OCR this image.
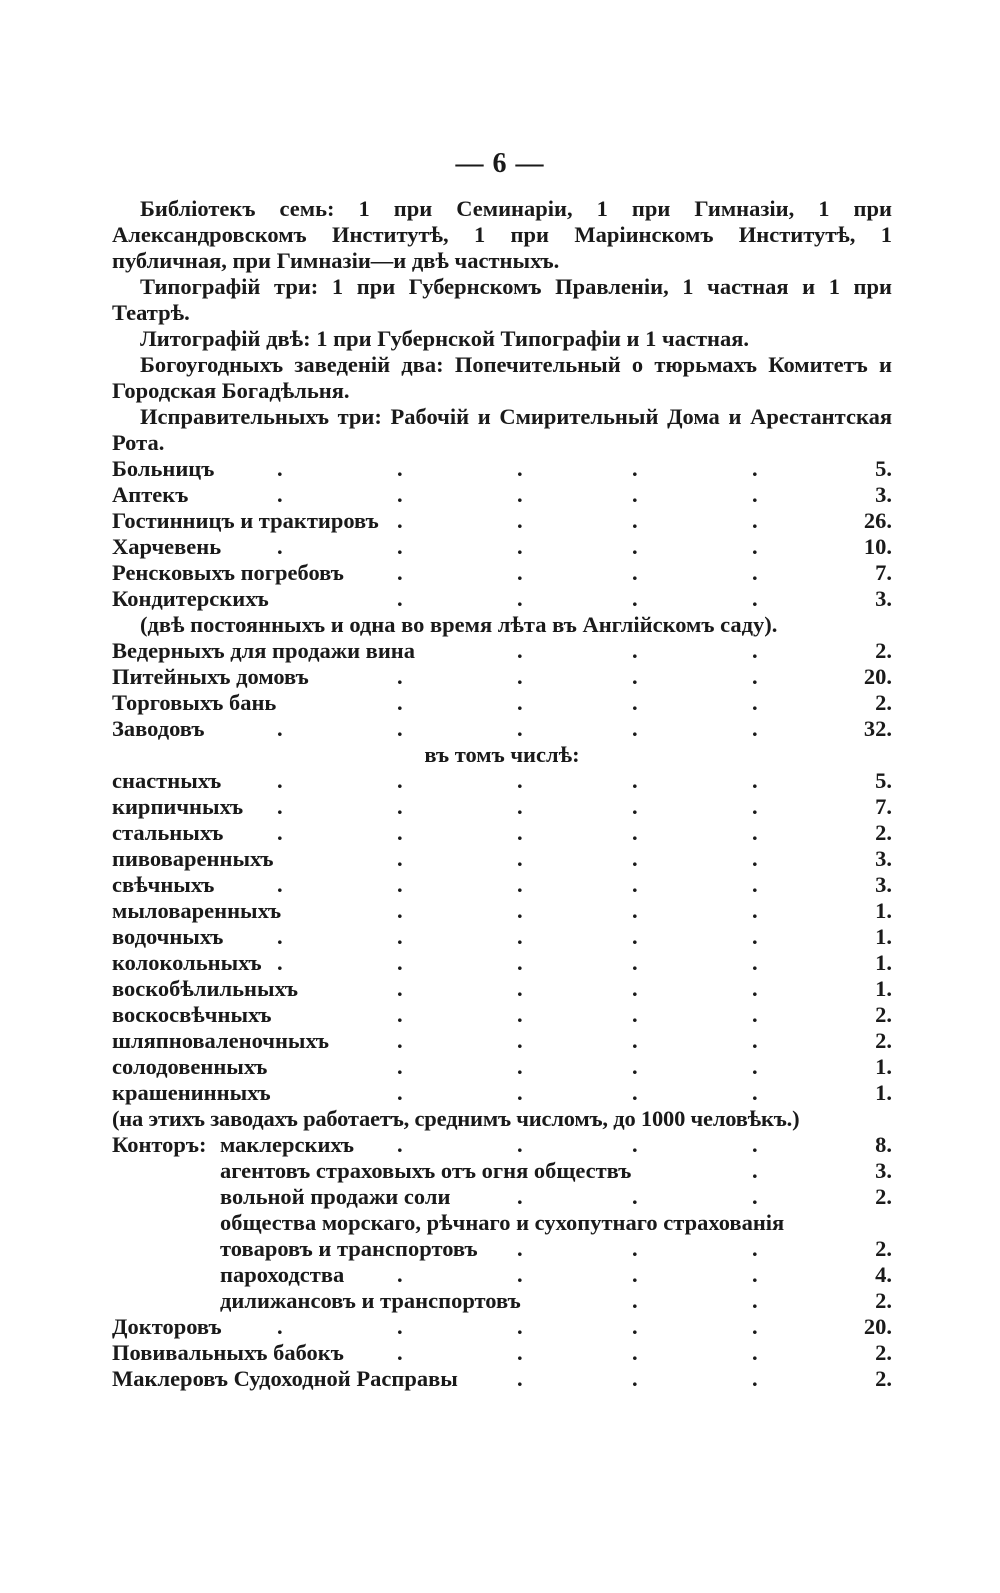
— 6 —

Библіотекъ семь: 1 при Семинаріи, 1 при Гимназіи, 1 при Александровскомъ Институтѣ, 1 при Маріинскомъ Институтѣ, 1 публичная, при Гимназіи—и двѣ частныхъ.

Типографій три: 1 при Губернскомъ Правленіи, 1 частная и 1 при Театрѣ.

Литографій двѣ: 1 при Губернской Типографіи и 1 частная.

Богоугодныхъ заведеній два: Попечительный о тюрьмахъ Комитетъ и Городская Богадѣльня.

Исправительныхъ три: Рабочій и Смирительный Дома и Арестантская Рота.

Больницъ	.	.	.	.	.	5.
Аптекъ	.	.	.	.	.	3.
Гостинницъ и трактировъ .	.	.	.	26.
Харчевень .	.	.	.	.	10.
Ренсковыхъ погребовъ .	.	.	.	7.
Кондитерскихъ	.	.	.	.	3.
(двѣ постоянныхъ и одна во время лѣта въ Англійскомъ саду).
Ведерныхъ для продажи вина	.	.	.	2.
Питейныхъ домовъ	.	.	.	.	20.
Торговыхъ бань	.	.	.	.	2.
Заводовъ	.	.	.	.	.	32.
въ томъ числѣ:
снастныхъ .	.	.	.	.	5.
кирпичныхъ .	.	.	.	.	7.
стальныхъ .	.	.	.	.	2.
пивоваренныхъ	.	.	.	.	3.
свѣчныхъ	.	.	.	.	.	3.
мыловаренныхъ	.	.	.	.	1.
водочныхъ .	.	.	.	.	1.
колокольныхъ .	.	.	.	.	1.
воскобѣлильныхъ	.	.	.	.	1.
воскосвѣчныхъ	.	.	.	.	2.
шляпноваленочныхъ	.	.	.	.	2.
солодовенныхъ	.	.	.	.	1.
крашенинныхъ	.	.	.	.	1.
(на этихъ заводахъ работаетъ, среднимъ числомъ, до 1000 человѣкъ.)
Конторъ: маклерскихъ .	.	.	.	8.
агентовъ страховыхъ отъ огня обществъ	.	3.
вольной продажи соли	.	.	.	2.
общества морскаго, рѣчнаго и сухопутнаго страхованія
товаровъ и транспортовъ .	.	.	2.
пароходства .	.	.	.	4.
дилижансовъ и транспортовъ	.	.	2.
Докторовъ .	.	.	.	.	20.
Повивальныхъ бабокъ .	.	.	.	2.
Маклеровъ Судоходной Расправы	.	.	.	2.
